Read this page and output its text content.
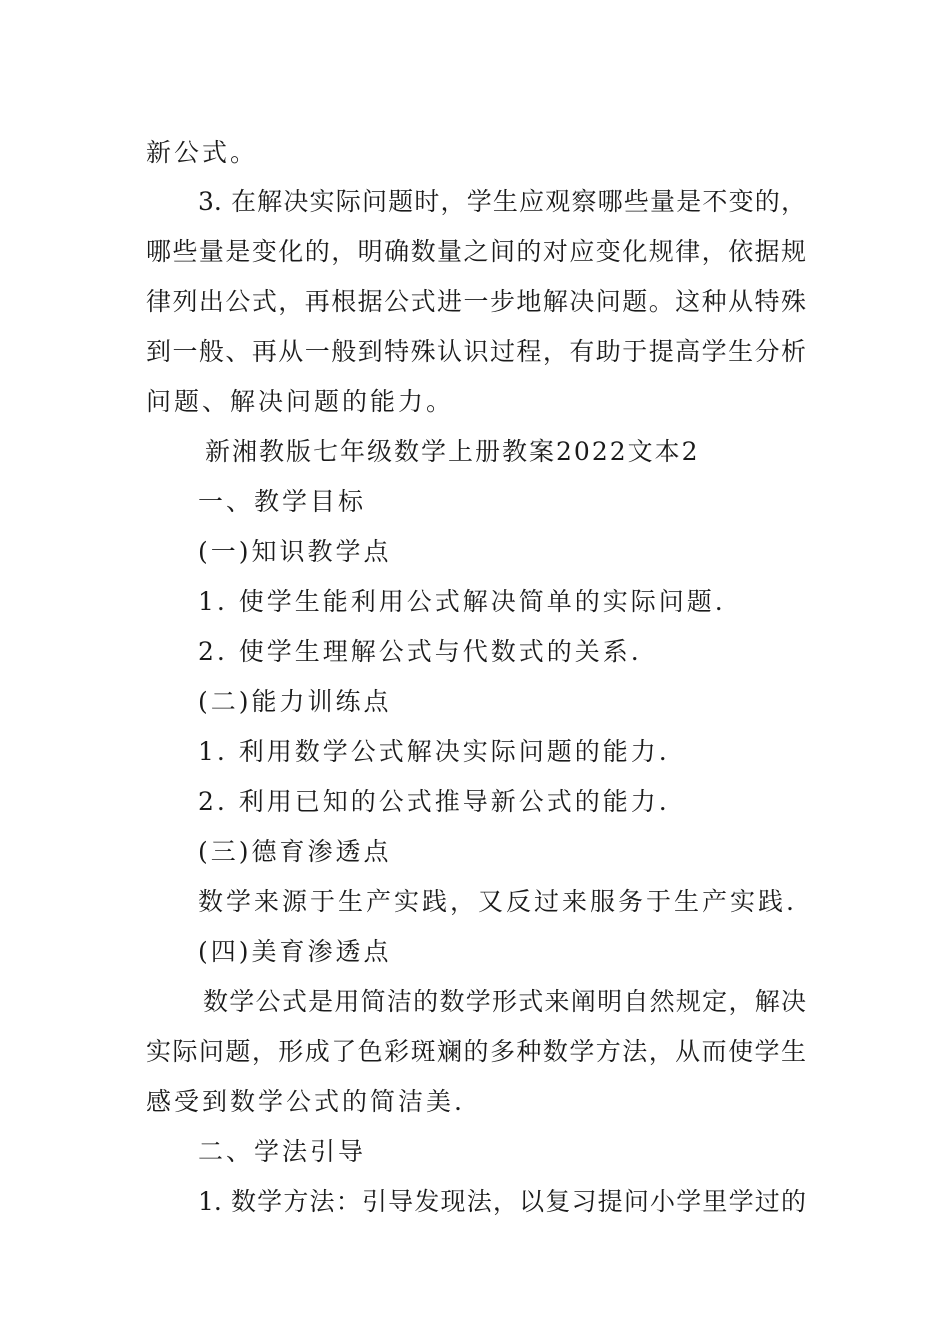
新公式。
3. 在解决实际问题时，学生应观察哪些量是不变的，
哪些量是变化的，明确数量之间的对应变化规律，依据规
律列出公式，再根据公式进一步地解决问题。这种从特殊
到一般、再从一般到特殊认识过程，有助于提高学生分析
问题、解决问题的能力。
新湘教版七年级数学上册教案2022文本2
一、教学目标
(一)知识教学点
1. 使学生能利用公式解决简单的实际问题.
2. 使学生理解公式与代数式的关系.
(二)能力训练点
1. 利用数学公式解决实际问题的能力.
2. 利用已知的公式推导新公式的能力.
(三)德育渗透点
数学来源于生产实践，又反过来服务于生产实践.
(四)美育渗透点
数学公式是用简洁的数学形式来阐明自然规定，解决
实际问题，形成了色彩斑斓的多种数学方法，从而使学生
感受到数学公式的简洁美.
二、学法引导
1. 数学方法：引导发现法，以复习提问小学里学过的
